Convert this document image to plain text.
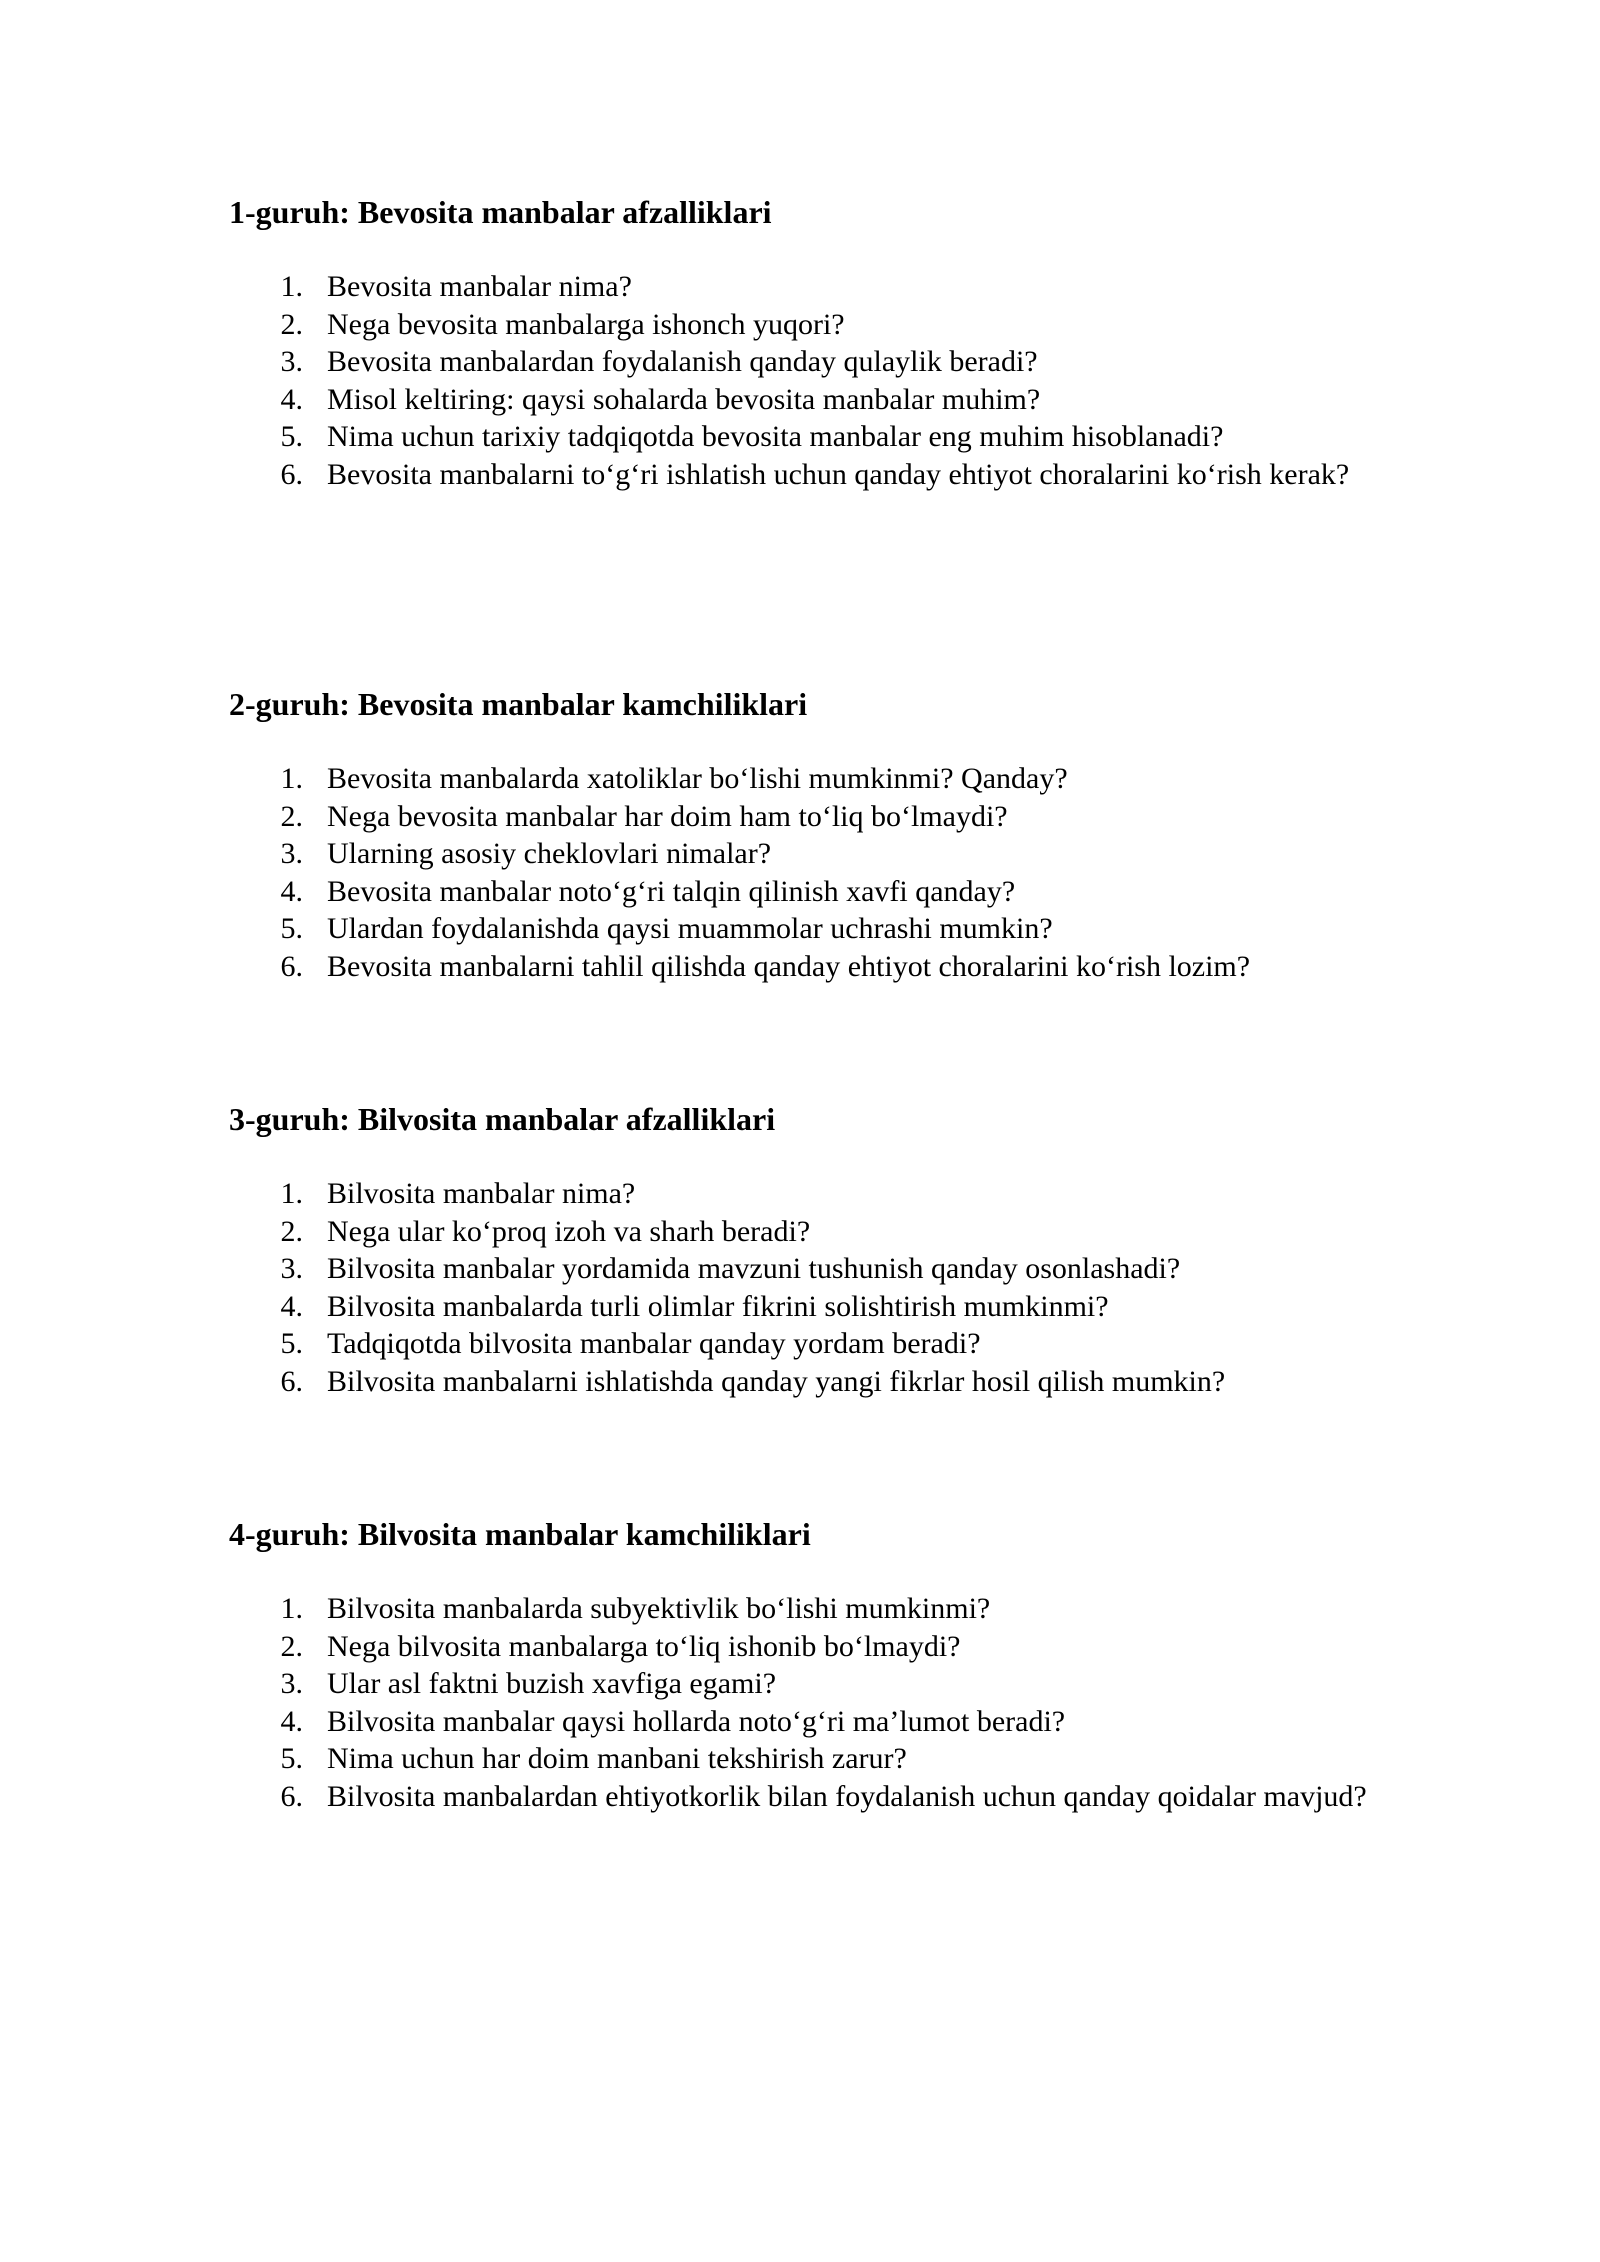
1-guruh: Bevosita manbalar afzalliklari
1. Bevosita manbalar nima?
2. Nega bevosita manbalarga ishonch yuqori?
3. Bevosita manbalardan foydalanish qanday qulaylik beradi?
4. Misol keltiring: qaysi sohalarda bevosita manbalar muhim?
5. Nima uchun tarixiy tadqiqotda bevosita manbalar eng muhim hisoblanadi?
6. Bevosita manbalarni to‘g‘ri ishlatish uchun qanday ehtiyot choralarini ko‘rish kerak?
2-guruh: Bevosita manbalar kamchiliklari
1. Bevosita manbalarda xatoliklar bo‘lishi mumkinmi? Qanday?
2. Nega bevosita manbalar har doim ham to‘liq bo‘lmaydi?
3. Ularning asosiy cheklovlari nimalar?
4. Bevosita manbalar noto‘g‘ri talqin qilinish xavfi qanday?
5. Ulardan foydalanishda qaysi muammolar uchrashi mumkin?
6. Bevosita manbalarni tahlil qilishda qanday ehtiyot choralarini ko‘rish lozim?
3-guruh: Bilvosita manbalar afzalliklari
1. Bilvosita manbalar nima?
2. Nega ular ko‘proq izoh va sharh beradi?
3. Bilvosita manbalar yordamida mavzuni tushunish qanday osonlashadi?
4. Bilvosita manbalarda turli olimlar fikrini solishtirish mumkinmi?
5. Tadqiqotda bilvosita manbalar qanday yordam beradi?
6. Bilvosita manbalarni ishlatishda qanday yangi fikrlar hosil qilish mumkin?
4-guruh: Bilvosita manbalar kamchiliklari
1. Bilvosita manbalarda subyektivlik bo‘lishi mumkinmi?
2. Nega bilvosita manbalarga to‘liq ishonib bo‘lmaydi?
3. Ular asl faktni buzish xavfiga egami?
4. Bilvosita manbalar qaysi hollarda noto‘g‘ri ma’lumot beradi?
5. Nima uchun har doim manbani tekshirish zarur?
6. Bilvosita manbalardan ehtiyotkorlik bilan foydalanish uchun qanday qoidalar mavjud?
